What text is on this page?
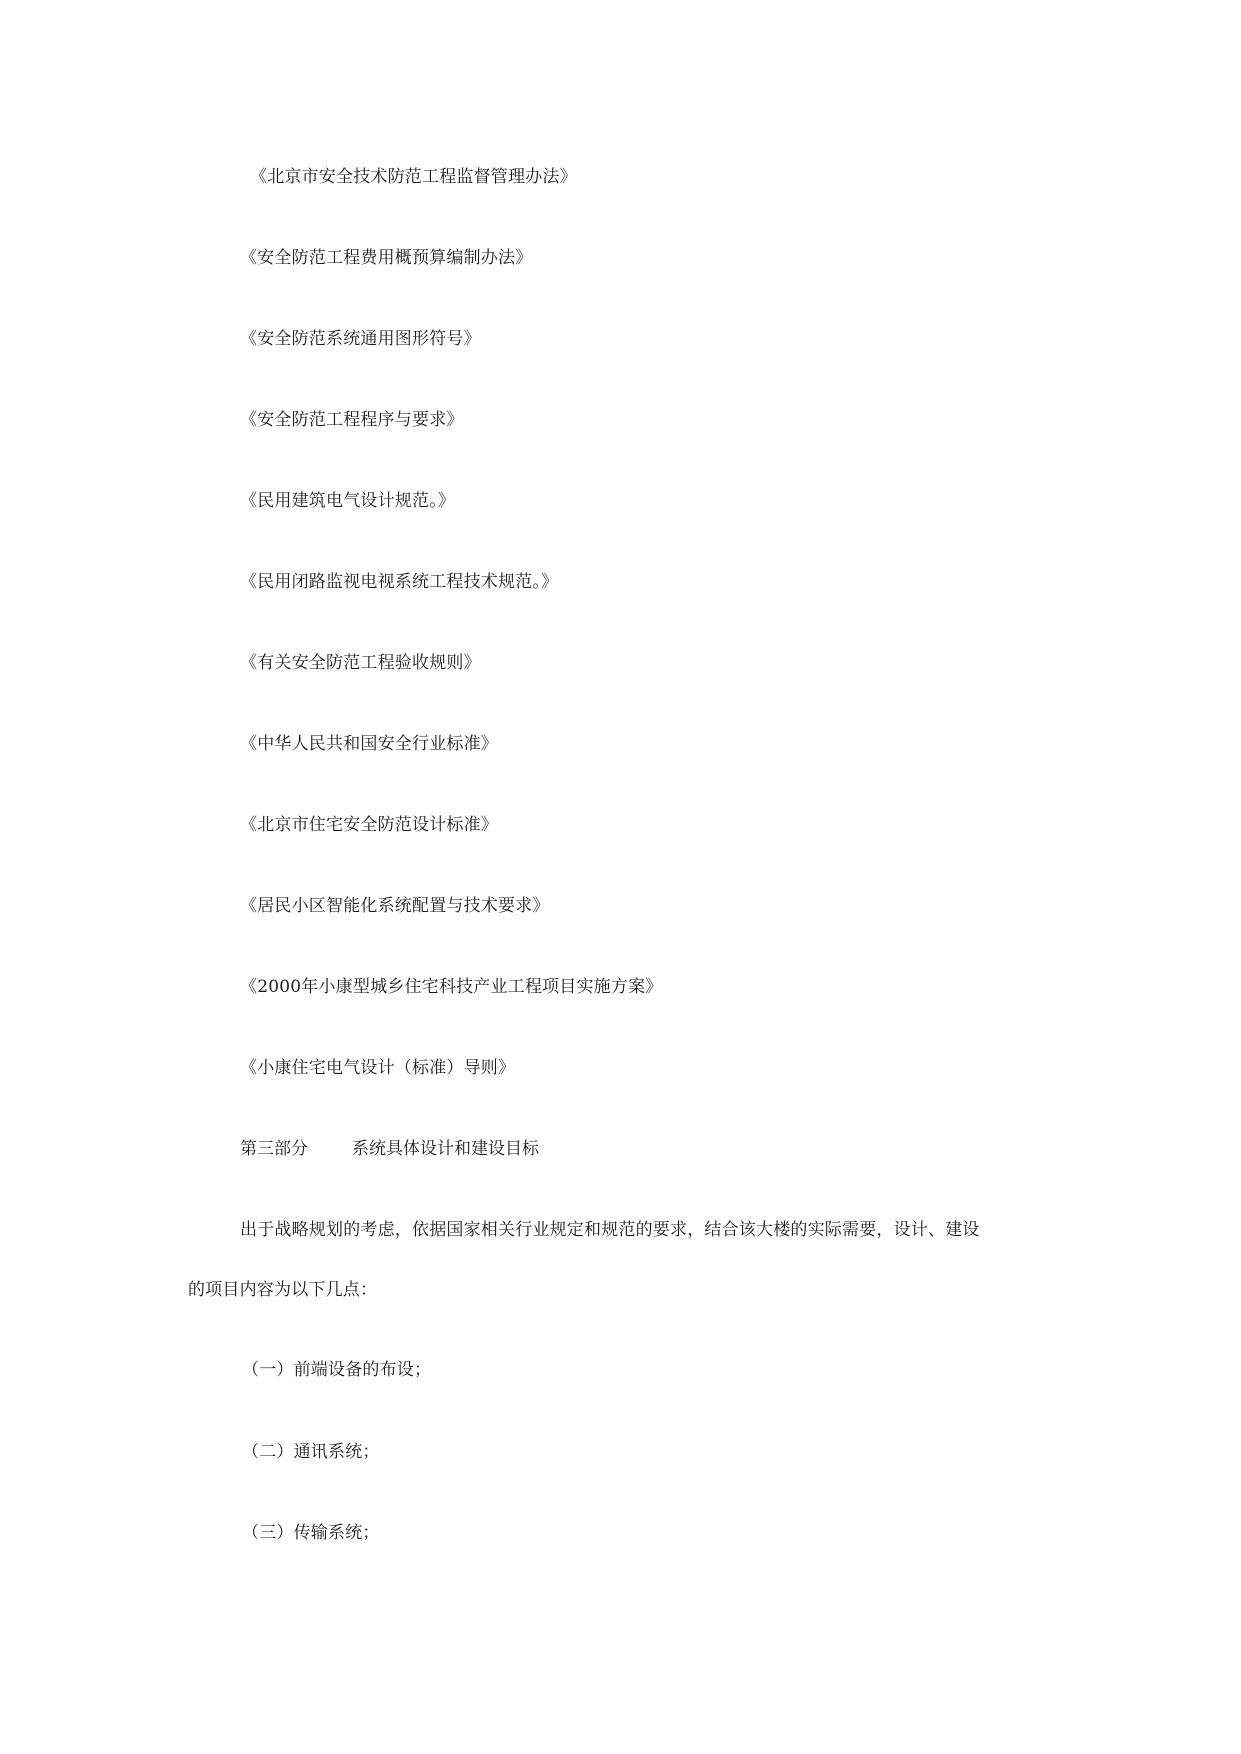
《北京市安全技术防范工程监督管理办法》
《安全防范工程费用概预算编制办法》
《安全防范系统通用图形符号》
《安全防范工程程序与要求》
《民用建筑电气设计规范。》
《民用闭路监视电视系统工程技术规范。》
《有关安全防范工程验收规则》
《中华人民共和国安全行业标准》
《北京市住宅安全防范设计标准》
《居民小区智能化系统配置与技术要求》
《2000年小康型城乡住宅科技产业工程项目实施方案》
《小康住宅电气设计（标准）导则》
第三部分	系统具体设计和建设目标
出于战略规划的考虑，依据国家相关行业规定和规范的要求，结合该大楼的实际需要，设计、建设
的项目内容为以下几点：
（一）前端设备的布设；
（二）通讯系统；
（三）传输系统；
